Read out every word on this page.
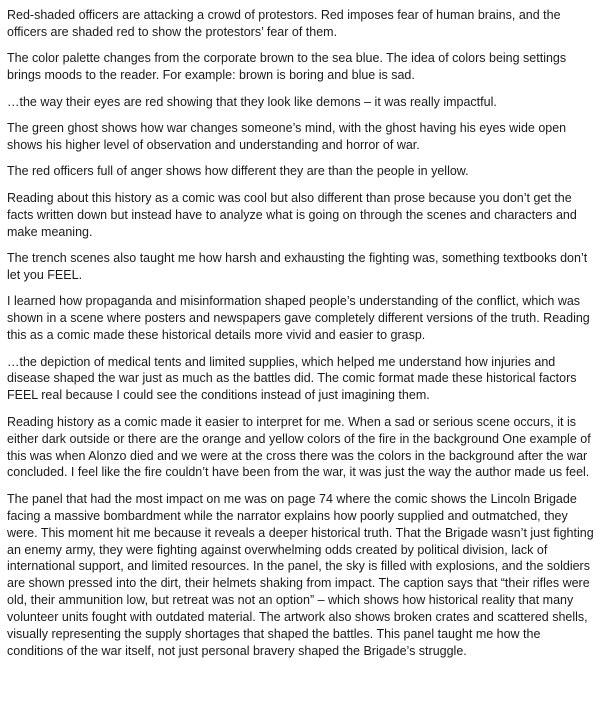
Red-shaded officers are attacking a crowd of protestors. Red imposes fear of human brains, and the officers are shaded red to show the protestors’ fear of them.

The color palette changes from the corporate brown to the sea blue. The idea of colors being settings brings moods to the reader. For example: brown is boring and blue is sad.

…the way their eyes are red showing that they look like demons – it was really impactful.

The green ghost shows how war changes someone’s mind, with the ghost having his eyes wide open shows his higher level of observation and understanding and horror of war.

The red officers full of anger shows how different they are than the people in yellow.

Reading about this history as a comic was cool but also different than prose because you don’t get the facts written down but instead have to analyze what is going on through the scenes and characters and make meaning.

The trench scenes also taught me how harsh and exhausting the fighting was, something textbooks don’t let you FEEL.

I learned how propaganda and misinformation shaped people’s understanding of the conflict, which was shown in a scene where posters and newspapers gave completely different versions of the truth. Reading this as a comic made these historical details more vivid and easier to grasp.

…the depiction of medical tents and limited supplies, which helped me understand how injuries and disease shaped the war just as much as the battles did. The comic format made these historical factors FEEL real because I could see the conditions instead of just imagining them.

Reading history as a comic made it easier to interpret for me. When a sad or serious scene occurs, it is either dark outside or there are the orange and yellow colors of the fire in the background One example of this was when Alonzo died and we were at the cross there was the colors in the background after the war concluded. I feel like the fire couldn’t have been from the war, it was just the way the author made us feel.

The panel that had the most impact on me was on page 74 where the comic shows the Lincoln Brigade facing a massive bombardment while the narrator explains how poorly supplied and outmatched, they were. This moment hit me because it reveals a deeper historical truth. That the Brigade wasn’t just fighting an enemy army, they were fighting against overwhelming odds created by political division, lack of international support, and limited resources. In the panel, the sky is filled with explosions, and the soldiers are shown pressed into the dirt, their helmets shaking from impact. The caption says that “their rifles were old, their ammunition low, but retreat was not an option” – which shows how historical reality that many volunteer units fought with outdated material. The artwork also shows broken crates and scattered shells, visually representing the supply shortages that shaped the battles. This panel taught me how the conditions of the war itself, not just personal bravery shaped the Brigade’s struggle.
